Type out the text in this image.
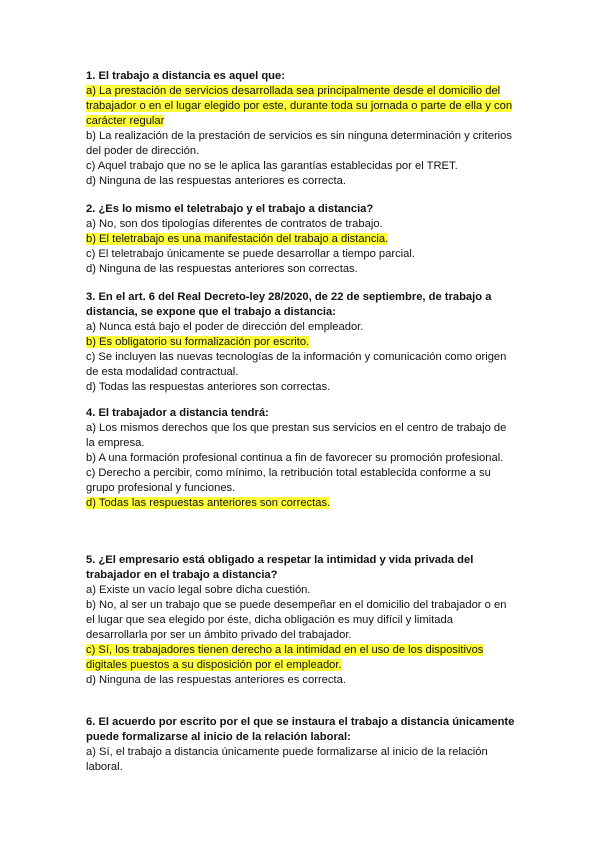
1. El trabajo a distancia es aquel que:
a) La prestación de servicios desarrollada sea principalmente desde el domicilio del trabajador o en el lugar elegido por este, durante toda su jornada o parte de ella y con carácter regular
b) La realización de la prestación de servicios es sin ninguna determinación y criterios del poder de dirección.
c) Aquel trabajo que no se le aplica las garantías establecidas por el TRET.
d) Ninguna de las respuestas anteriores es correcta.
2. ¿Es lo mismo el teletrabajo y el trabajo a distancia?
a) No, son dos tipologías diferentes de contratos de trabajo.
b) El teletrabajo es una manifestación del trabajo a distancia.
c) El teletrabajo únicamente se puede desarrollar a tiempo parcial.
d) Ninguna de las respuestas anteriores son correctas.
3. En el art. 6 del Real Decreto-ley 28/2020, de 22 de septiembre, de trabajo a distancia, se expone que el trabajo a distancia:
a) Nunca está bajo el poder de dirección del empleador.
b) Es obligatorio su formalización por escrito.
c) Se incluyen las nuevas tecnologías de la información y comunicación como origen de esta modalidad contractual.
d) Todas las respuestas anteriores son correctas.
4. El trabajador a distancia tendrá:
a) Los mismos derechos que los que prestan sus servicios en el centro de trabajo de la empresa.
b) A una formación profesional continua a fin de favorecer su promoción profesional.
c) Derecho a percibir, como mínimo, la retribución total establecida conforme a su grupo profesional y funciones.
d) Todas las respuestas anteriores son correctas.
5. ¿El empresario está obligado a respetar la intimidad y vida privada del trabajador en el trabajo a distancia?
a) Existe un vacío legal sobre dicha cuestión.
b) No, al ser un trabajo que se puede desempeñar en el domicilio del trabajador o en el lugar que sea elegido por éste, dicha obligación es muy difícil y limitada desarrollarla por ser un ámbito privado del trabajador.
c) Sí, los trabajadores tienen derecho a la intimidad en el uso de los dispositivos digitales puestos a su disposición por el empleador.
d) Ninguna de las respuestas anteriores es correcta.
6. El acuerdo por escrito por el que se instaura el trabajo a distancia únicamente puede formalizarse al inicio de la relación laboral:
a) Sí, el trabajo a distancia únicamente puede formalizarse al inicio de la relación laboral.
